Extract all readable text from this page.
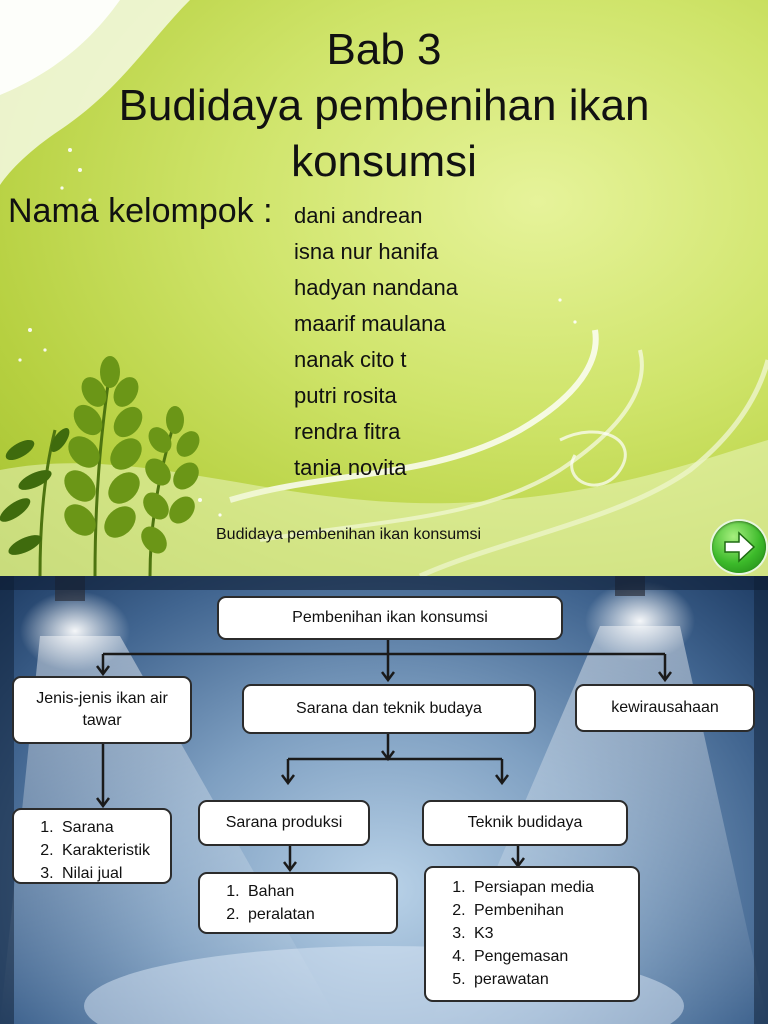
Bab 3
Budidaya pembenihan ikan
konsumsi
Nama kelompok : dani andrean
isna nur hanifa
hadyan nandana
maarif maulana
nanak cito t
putri rosita
rendra fitra
tania novita
Budidaya pembenihan ikan konsumsi
Pembenihan ikan konsumsi
Jenis-jenis ikan air tawar
Sarana dan teknik budaya	kewirausahaan
Sarana produksi	Teknik budidaya
1. Sarana
2. Karakteristik
3. Nilai jual
1. Bahan
2. peralatan
1. Persiapan media
2. Pembenihan
3. K3
4. Pengemasan
5. perawatan
